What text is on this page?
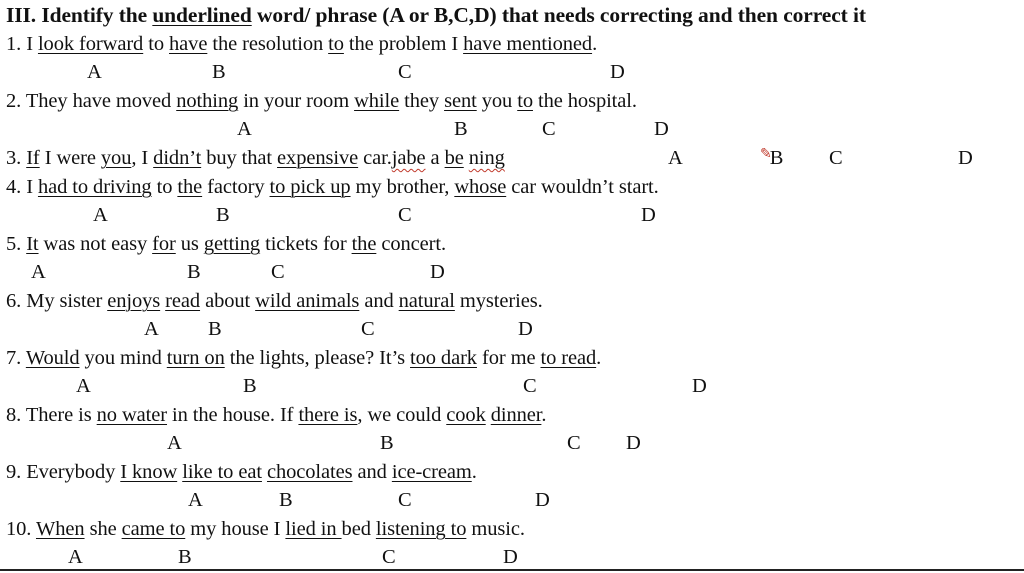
III. Identify the underlined word/ phrase (A or B,C,D) that needs correcting and then correct it
1. I look forward to have the resolution to the problem I have mentioned.
A	B	C	D
2. They have moved nothing in your room while they sent you to the hospital.
A	B	C	D
3. If I were you, I didn’t buy that expensive car.jabe a be ning	A	✎B C	D
4. I had to driving to the factory to pick up my brother, whose car wouldn’t start.
A	B	C	D
5. It was not easy for us getting tickets for the concert.
A	B	C	D
6. My sister enjoys read about wild animals and natural mysteries.
A B	C	D
7. Would you mind turn on the lights, please? It’s too dark for me to read.
A	B	C	D
8. There is no water in the house. If there is, we could cook dinner.
A	B	C D
9. Everybody I know like to eat chocolates and ice-cream.
A	B	C	D
10. When she came to my house I lied in bed listening to music.
A	B	C	D
